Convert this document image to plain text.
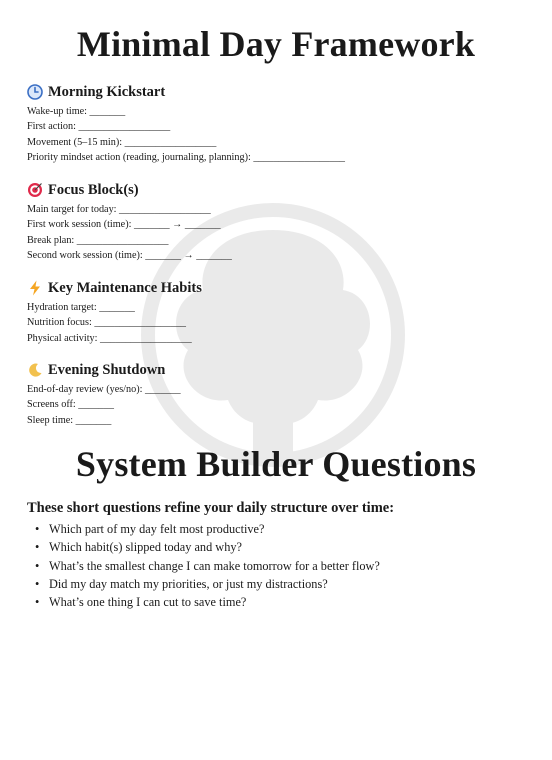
Minimal Day Framework
Morning Kickstart
Wake-up time: _______
First action: __________________
Movement (5–15 min): __________________
Priority mindset action (reading, journaling, planning): __________________
Focus Block(s)
Main target for today: __________________
First work session (time): _______ → _______
Break plan: __________________
Second work session (time): _______ → _______
Key Maintenance Habits
Hydration target: _______
Nutrition focus: __________________
Physical activity: __________________
Evening Shutdown
End-of-day review (yes/no): _______
Screens off: _______
Sleep time: _______
System Builder Questions
These short questions refine your daily structure over time:
• Which part of my day felt most productive?
• Which habit(s) slipped today and why?
• What’s the smallest change I can make tomorrow for a better flow?
• Did my day match my priorities, or just my distractions?
• What’s one thing I can cut to save time?
